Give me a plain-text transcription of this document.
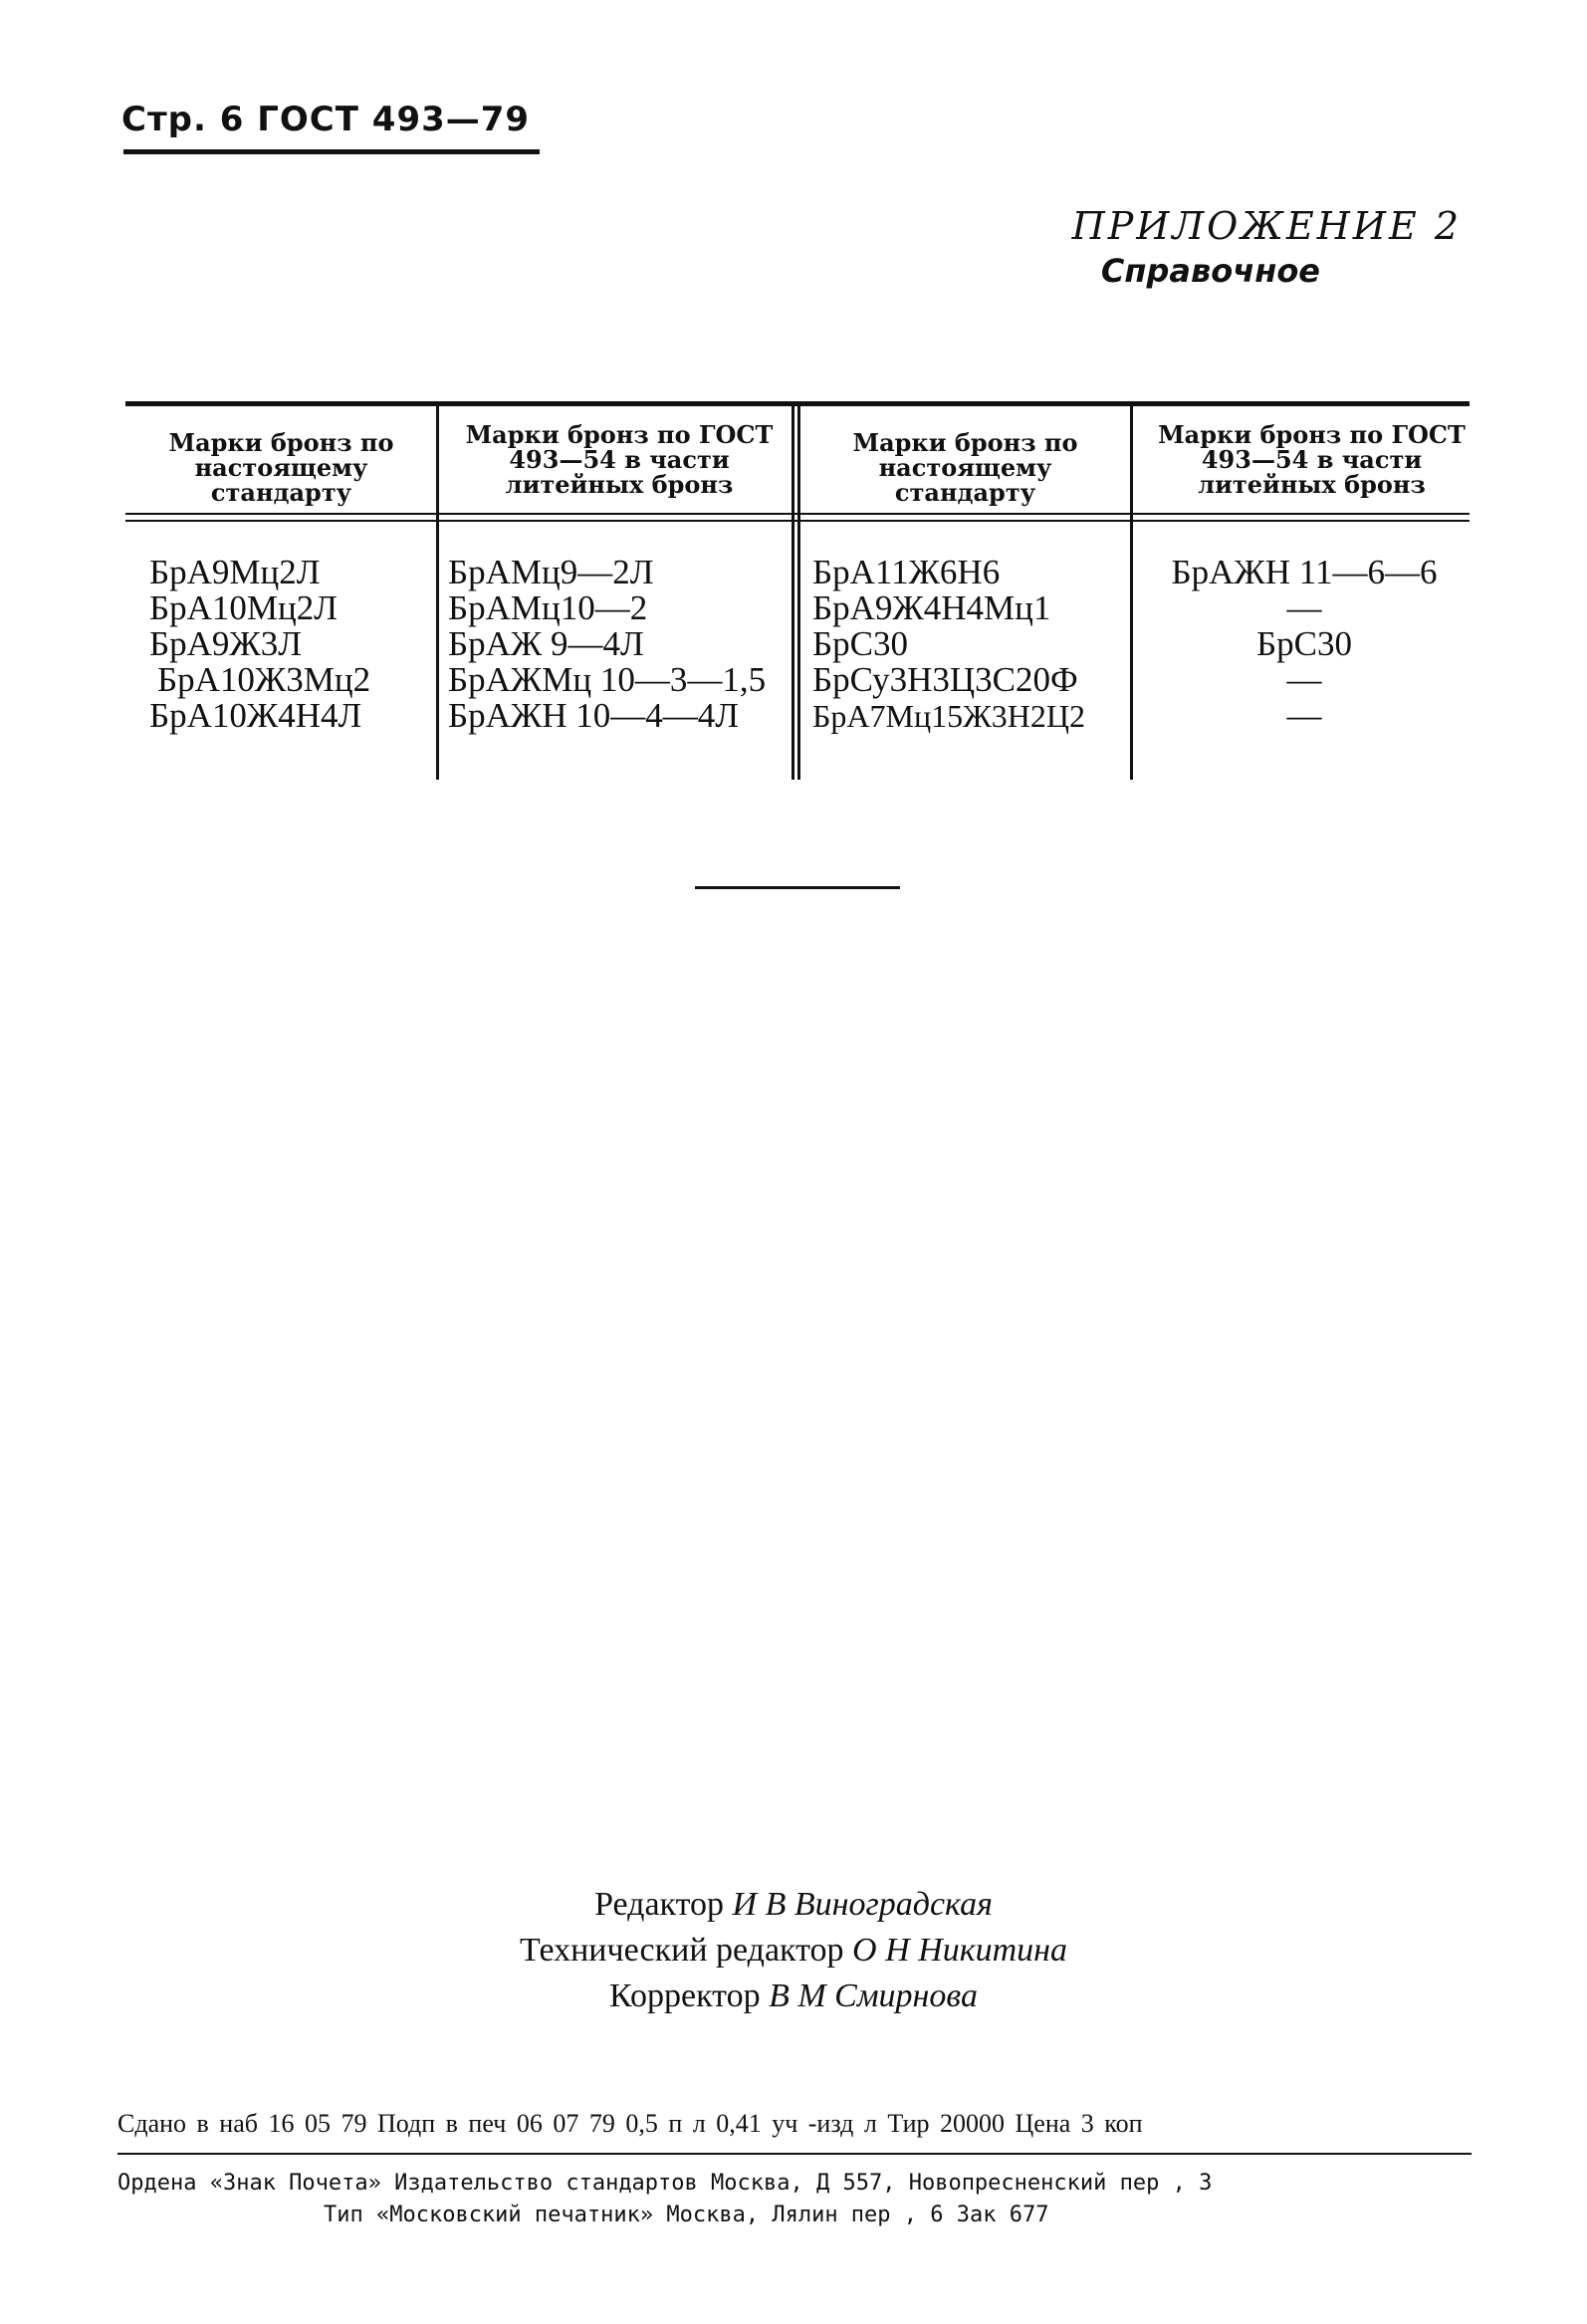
Стр. 6 ГОСТ 493—79
ПРИЛОЖЕНИЕ 2
Справочное
Марки бронз по настоящему стандарту
Марки бронз по ГОСТ 493—54 в части литейных бронз
Марки бронз по настоящему стандарту
Марки бронз по ГОСТ 493—54 в части литейных бронз
БрА9Мц2Л
БрА10Мц2Л
БрА9Ж3Л
БрА10Ж3Мц2
БрА10Ж4Н4Л
БрАМц9—2Л
БрАМц10—2
БрАЖ 9—4Л
БрАЖМц 10—3—1,5
БрАЖН 10—4—4Л
БрА11Ж6Н6
БрА9Ж4Н4Мц1
БрС30
БрСу3Н3Ц3С20Ф
БрА7Мц15Ж3Н2Ц2
БрАЖН 11—6—6
—
БрС30
—
—
Редактор И В Виноградская
Технический редактор О Н Никитина
Корректор В М Смирнова
Сдано в наб 16 05 79 Подп в печ 06 07 79 0,5 п л 0,41 уч -изд л Тир 20000 Цена 3 коп
Ордена «Знак Почета» Издательство стандартов Москва, Д 557, Новопресненский пер , 3
Тип «Московский печатник» Москва, Лялин пер , 6 Зак 677
